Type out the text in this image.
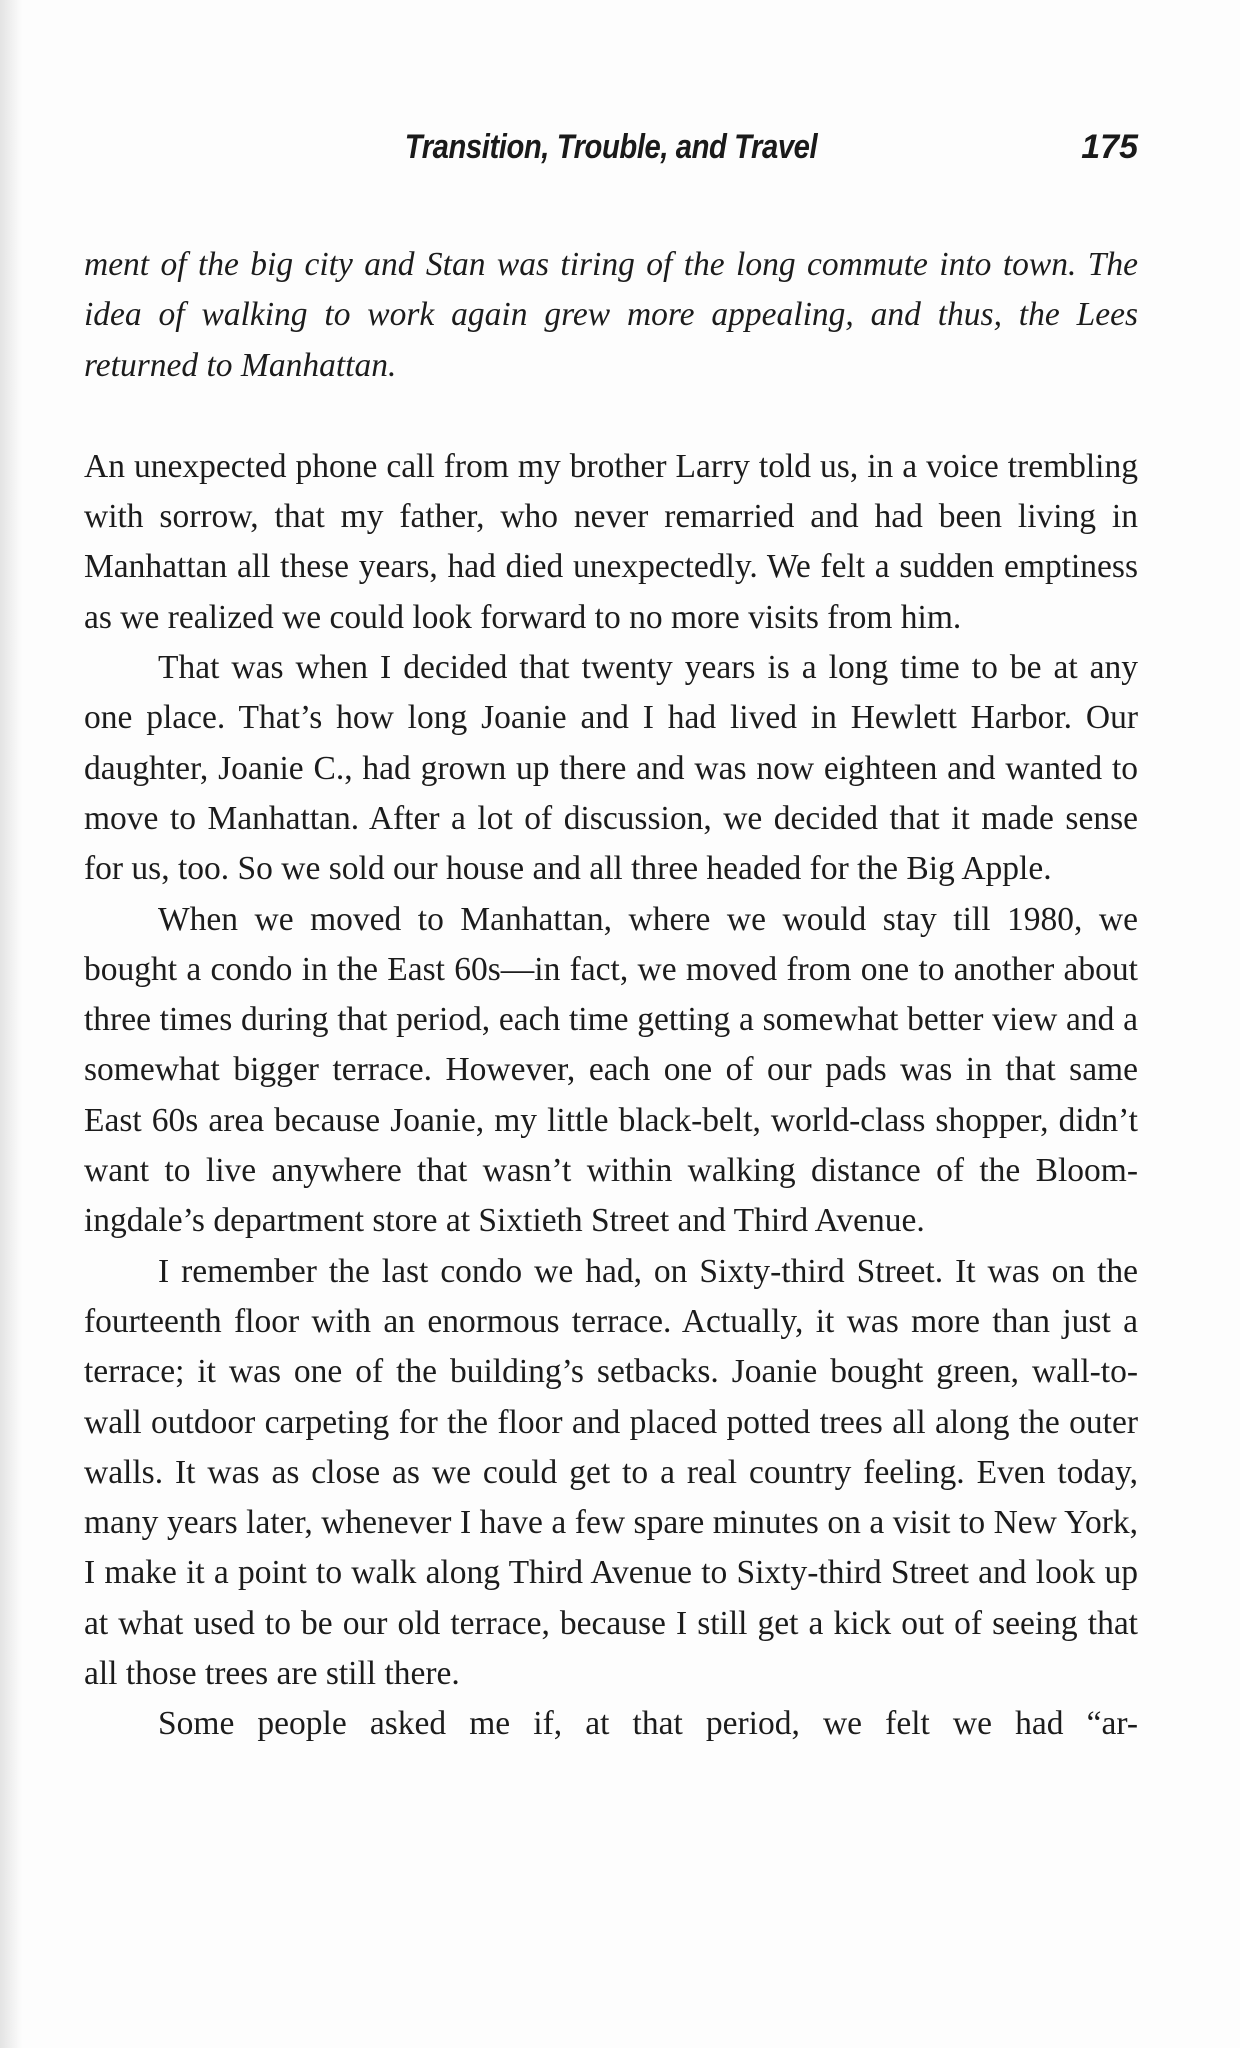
Transition, Trouble, and Travel	175

ment of the big city and Stan was tiring of the long commute into town. The idea of walking to work again grew more appealing, and thus, the Lees returned to Manhattan.

An unexpected phone call from my brother Larry told us, in a voice trembling with sorrow, that my father, who never remarried and had been living in Manhattan all these years, had died unexpectedly. We felt a sudden emptiness as we realized we could look forward to no more visits from him.

That was when I decided that twenty years is a long time to be at any one place. That’s how long Joanie and I had lived in Hewlett Harbor. Our daughter, Joanie C., had grown up there and was now eighteen and wanted to move to Manhattan. After a lot of discussion, we decided that it made sense for us, too. So we sold our house and all three headed for the Big Apple.

When we moved to Manhattan, where we would stay till 1980, we bought a condo in the East 60s—in fact, we moved from one to another about three times during that period, each time getting a somewhat better view and a somewhat bigger terrace. However, each one of our pads was in that same East 60s area because Joanie, my little black-belt, world-class shopper, didn’t want to live anywhere that wasn’t within walking distance of the Bloomingdale’s department store at Sixtieth Street and Third Avenue.

I remember the last condo we had, on Sixty-third Street. It was on the fourteenth floor with an enormous terrace. Actually, it was more than just a terrace; it was one of the building’s setbacks. Joanie bought green, wall-to-wall outdoor carpeting for the floor and placed potted trees all along the outer walls. It was as close as we could get to a real country feeling. Even today, many years later, whenever I have a few spare minutes on a visit to New York, I make it a point to walk along Third Avenue to Sixty-third Street and look up at what used to be our old terrace, because I still get a kick out of seeing that all those trees are still there.

Some people asked me if, at that period, we felt we had “ar-
